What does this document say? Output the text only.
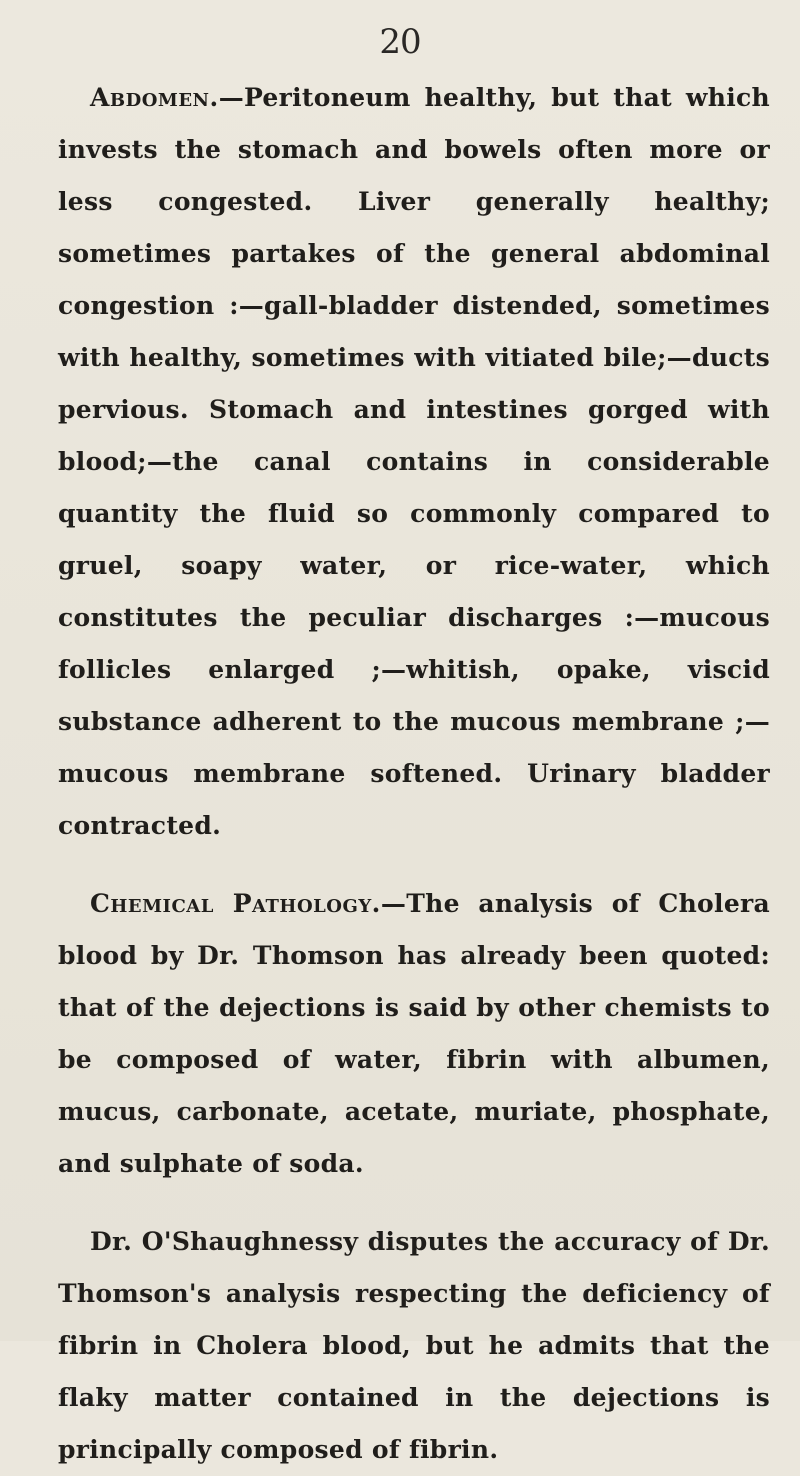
20

Abdomen.—Peritoneum healthy, but that which invests the stomach and bowels often more or less congested. Liver generally healthy; sometimes partakes of the general abdominal congestion :—gall-bladder distended, sometimes with healthy, sometimes with vitiated bile;—ducts pervious. Stomach and intestines gorged with blood;—the canal contains in considerable quantity the fluid so commonly compared to gruel, soapy water, or rice-water, which constitutes the peculiar discharges :—mucous follicles enlarged ;—whitish, opake, viscid substance adherent to the mucous membrane ;—mucous membrane softened. Urinary bladder contracted.

Chemical Pathology.—The analysis of Cholera blood by Dr. Thomson has already been quoted: that of the dejections is said by other chemists to be composed of water, fibrin with albumen, mucus, carbonate, acetate, muriate, phosphate, and sulphate of soda.

Dr. O'Shaughnessy disputes the accuracy of Dr. Thomson's analysis respecting the deficiency of fibrin in Cholera blood, but he admits that the flaky matter contained in the dejections is principally composed of fibrin.
